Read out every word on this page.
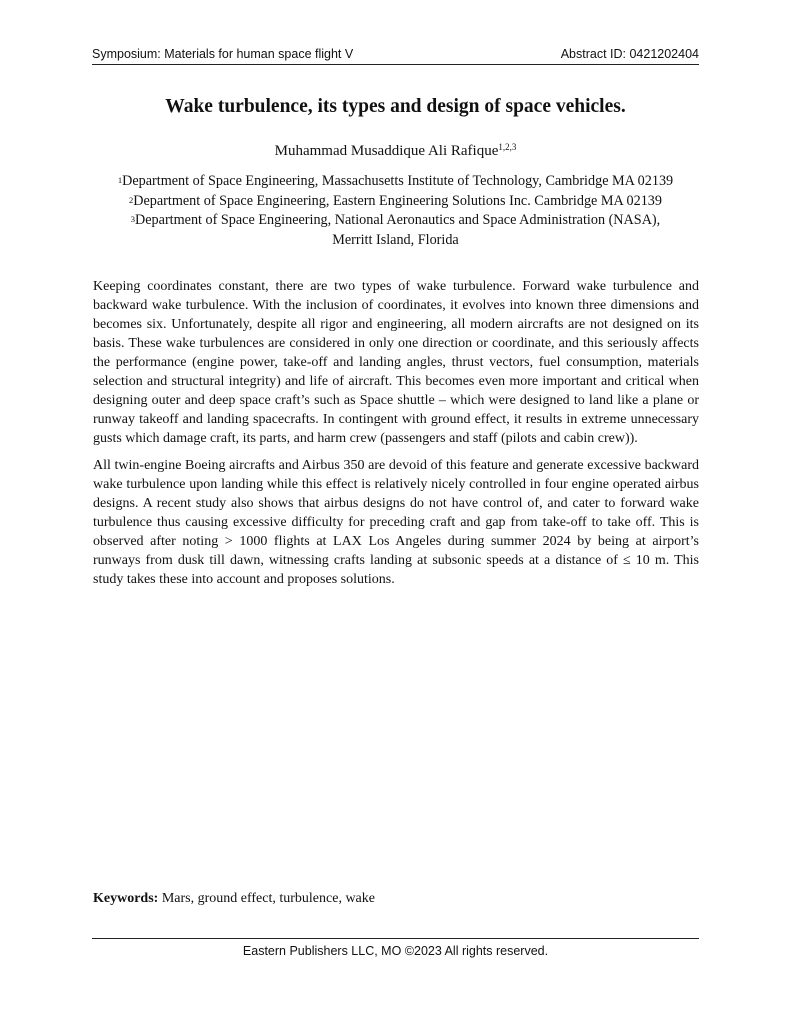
Symposium: Materials for human space flight V	Abstract ID: 0421202404
Wake turbulence, its types and design of space vehicles.
Muhammad Musaddique Ali Rafique$^{1,2,3}$
$^1$Department of Space Engineering, Massachusetts Institute of Technology, Cambridge MA 02139
$^2$Department of Space Engineering, Eastern Engineering Solutions Inc. Cambridge MA 02139
$^3$Department of Space Engineering, National Aeronautics and Space Administration (NASA),
Merritt Island, Florida

Keeping coordinates constant, there are two types of wake turbulence. Forward wake turbulence and backward wake turbulence. With the inclusion of coordinates, it evolves into known three dimensions and becomes six. Unfortunately, despite all rigor and engineering, all modern aircrafts are not designed on its basis. These wake turbulences are considered in only one direction or coordinate, and this seriously affects the performance (engine power, take-off and landing angles, thrust vectors, fuel consumption, materials selection and structural integrity) and life of aircraft. This becomes even more important and critical when designing outer and deep space craft’s such as Space shuttle – which were designed to land like a plane or runway takeoff and landing spacecrafts. In contingent with ground effect, it results in extreme unnecessary gusts which damage craft, its parts, and harm crew (passengers and staff (pilots and cabin crew)).

All twin-engine Boeing aircrafts and Airbus 350 are devoid of this feature and generate excessive backward wake turbulence upon landing while this effect is relatively nicely controlled in four engine operated airbus designs. A recent study also shows that airbus designs do not have control of, and cater to forward wake turbulence thus causing excessive difficulty for preceding craft and gap from take-off to take off. This is observed after noting > 1000 flights at LAX Los Angeles during summer 2024 by being at airport’s runways from dusk till dawn, witnessing crafts landing at subsonic speeds at a distance of ≤ 10 m. This study takes these into account and proposes solutions.

Keywords: Mars, ground effect, turbulence, wake
Eastern Publishers LLC, MO ©2023 All rights reserved.
